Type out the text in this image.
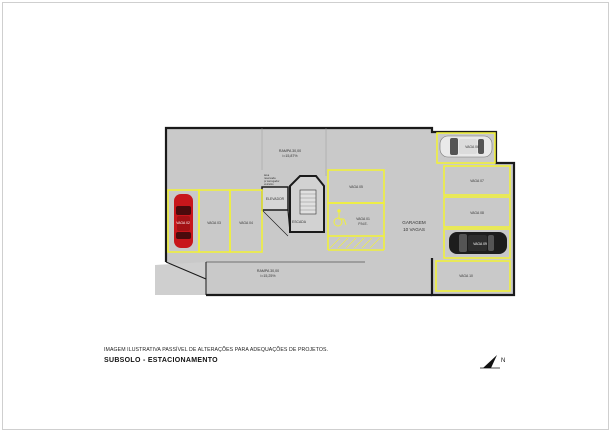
RAMPA 30,00
i=15,87%
área
reservada
p/ carregador
veículos
ELEVADOR
ESCADA
VAGA 02	VAGA 03	VAGA 04
VAGA 05
VAGA 01
P.N.E.
VAGA 06
VAGA 07
VAGA 08
VAGA 09
VAGA 10
GARAGEM
10 VAGAS
RAMPA 30,00
i=15,25%
N
IMAGEM ILUSTRATIVA PASSÍVEL DE ALTERAÇÕES PARA ADEQUAÇÕES DE PROJETOS.
SUBSOLO - ESTACIONAMENTO
